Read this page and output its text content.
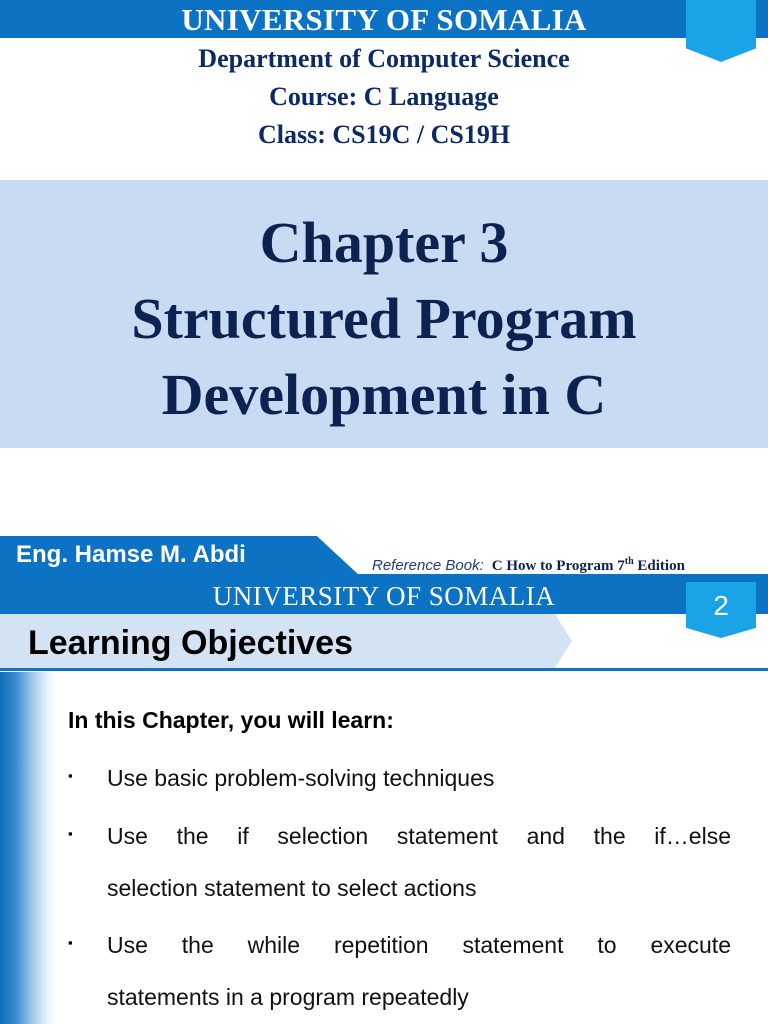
UNIVERSITY OF SOMALIA
Department of Computer Science
Course: C Language
Class: CS19C / CS19H
Chapter 3
Structured Program
Development in C
Eng. Hamse M. Abdi	Reference Book: C How to Program 7th Edition
UNIVERSITY OF SOMALIA	2
Learning Objectives
In this Chapter, you will learn:
▪ Use basic problem-solving techniques
▪ Use the if selection statement and the if…else
selection statement to select actions
▪ Use the while repetition statement to execute
statements in a program repeatedly
